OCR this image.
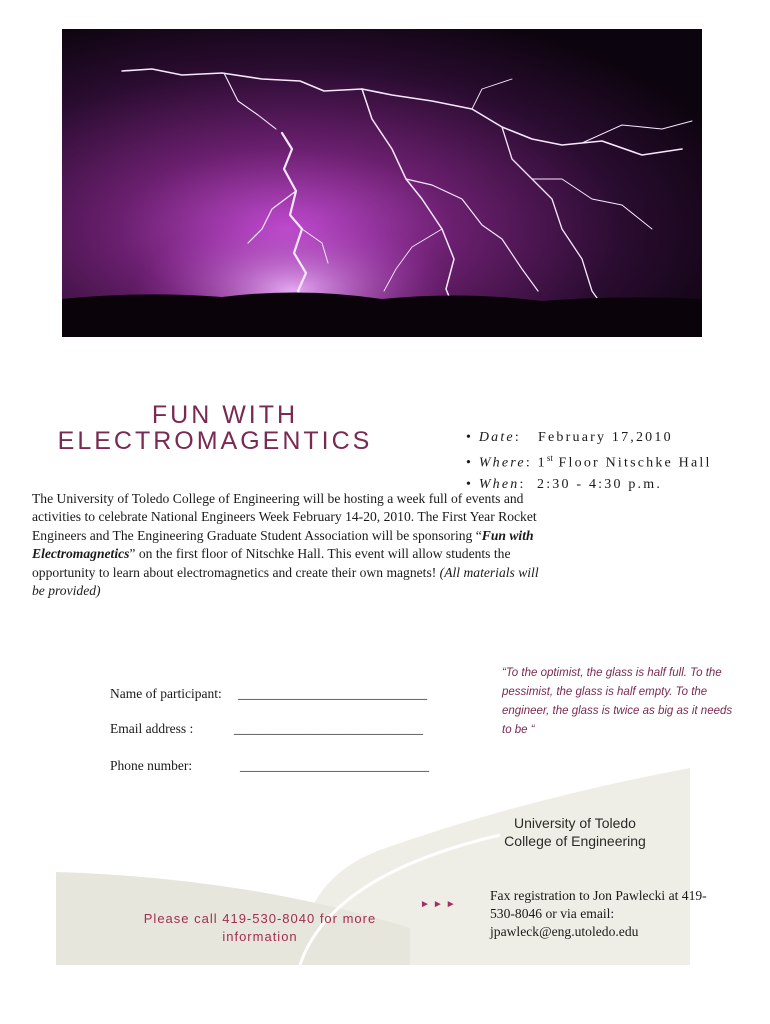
FUN WITH
ELECTROMAGENTICS	• Date:   February 17,2010
• Where: 1st Floor Nitschke Hall
• When:  2:30 - 4:30 p.m.
The University of Toledo College of Engineering will be hosting a week full of events and activities to celebrate National Engineers Week February 14-20, 2010. The First Year Rocket Engineers and The Engineering Graduate Student Association will be sponsoring “Fun with Electromagnetics” on the first floor of Nitschke Hall. This event will allow students the opportunity to learn about electromagnetics and create their own magnets! (All materials will be provided)
“To the optimist, the glass is half full. To the pessimist, the glass is half empty. To the engineer, the glass is twice as big as it needs to be “
Name of participant: ____________________________
Email address :	____________________________
Phone number:	____________________________
University of Toledo
College of Engineering
►►►
Fax registration to Jon Pawlecki at 419-530-8046 or via email: jpawleck@eng.utoledo.edu
Please call 419-530-8040 for more information
